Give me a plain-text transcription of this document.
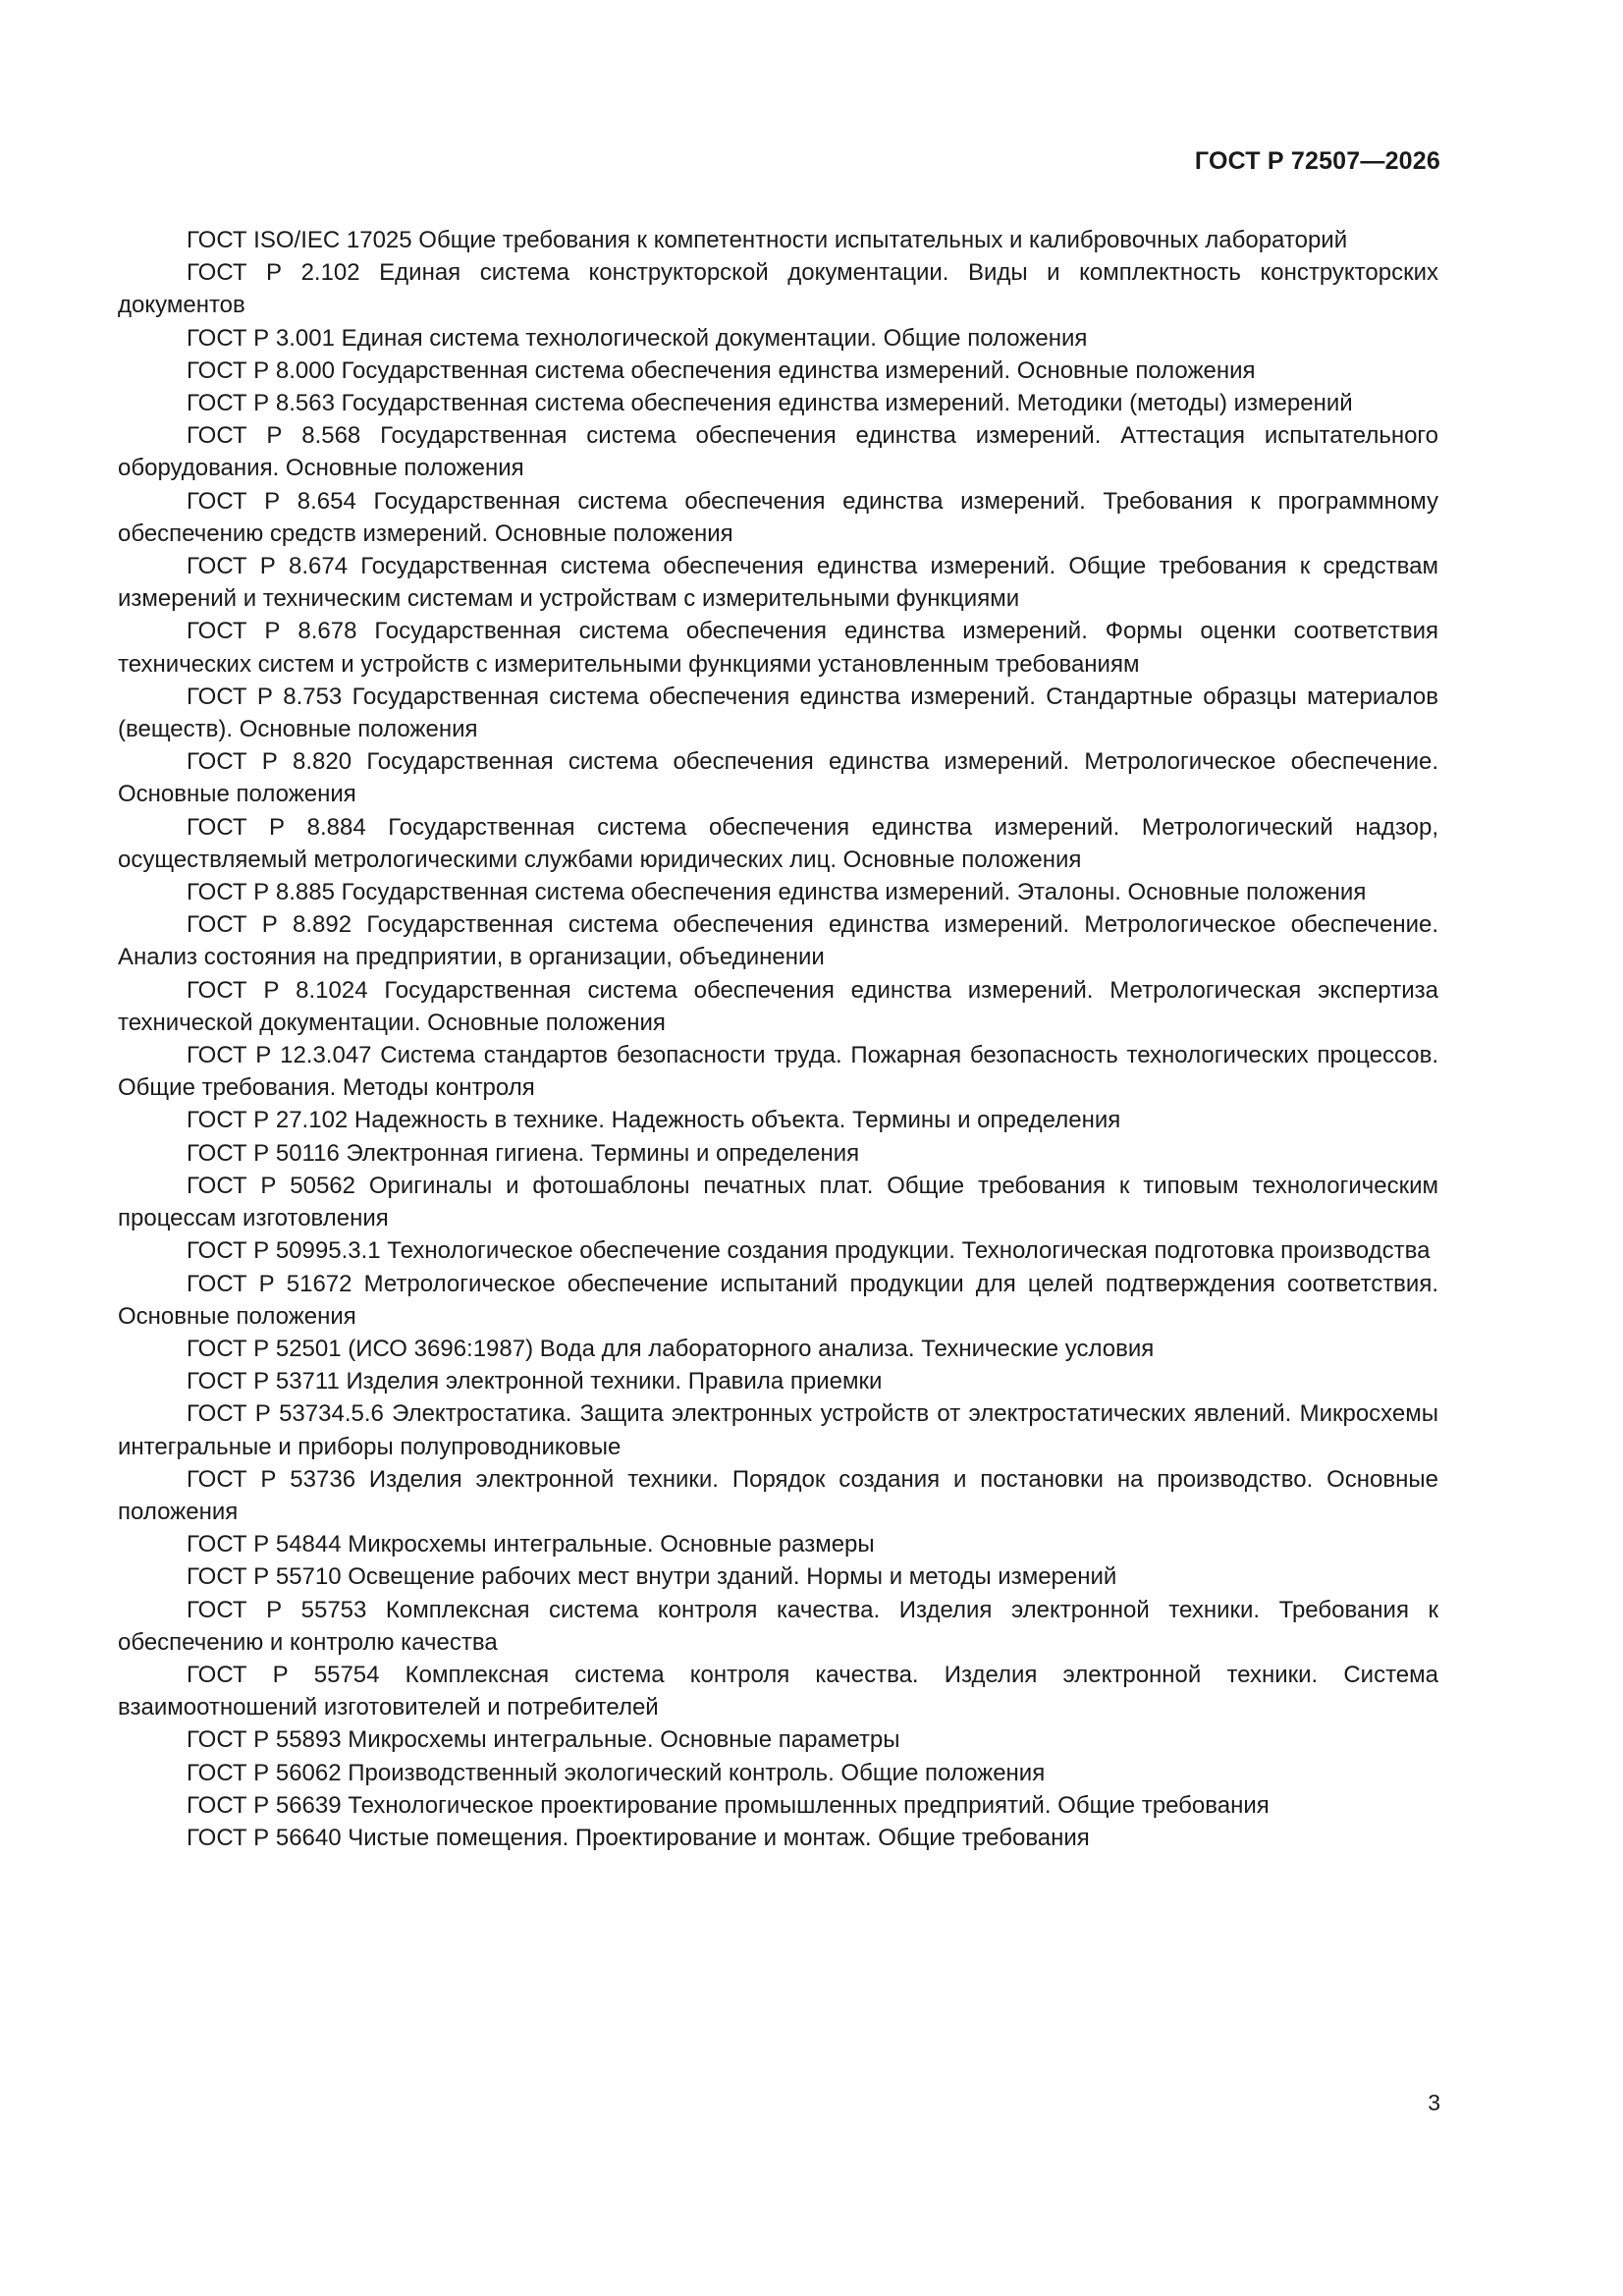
ГОСТ Р 72507—2026

ГОСТ ISO/IEC 17025 Общие требования к компетентности испытательных и калибровочных лабораторий

ГОСТ Р 2.102 Единая система конструкторской документации. Виды и комплектность конструкторских документов

ГОСТ Р 3.001 Единая система технологической документации. Общие положения

ГОСТ Р 8.000 Государственная система обеспечения единства измерений. Основные положения

ГОСТ Р 8.563 Государственная система обеспечения единства измерений. Методики (методы) измерений

ГОСТ Р 8.568 Государственная система обеспечения единства измерений. Аттестация испытательного оборудования. Основные положения

ГОСТ Р 8.654 Государственная система обеспечения единства измерений. Требования к программному обеспечению средств измерений. Основные положения

ГОСТ Р 8.674 Государственная система обеспечения единства измерений. Общие требования к средствам измерений и техническим системам и устройствам с измерительными функциями

ГОСТ Р 8.678 Государственная система обеспечения единства измерений. Формы оценки соответствия технических систем и устройств с измерительными функциями установленным требованиям

ГОСТ Р 8.753 Государственная система обеспечения единства измерений. Стандартные образцы материалов (веществ). Основные положения

ГОСТ Р 8.820 Государственная система обеспечения единства измерений. Метрологическое обеспечение. Основные положения

ГОСТ Р 8.884 Государственная система обеспечения единства измерений. Метрологический надзор, осуществляемый метрологическими службами юридических лиц. Основные положения

ГОСТ Р 8.885 Государственная система обеспечения единства измерений. Эталоны. Основные положения

ГОСТ Р 8.892 Государственная система обеспечения единства измерений. Метрологическое обеспечение. Анализ состояния на предприятии, в организации, объединении

ГОСТ Р 8.1024 Государственная система обеспечения единства измерений. Метрологическая экспертиза технической документации. Основные положения

ГОСТ Р 12.3.047 Система стандартов безопасности труда. Пожарная безопасность технологических процессов. Общие требования. Методы контроля

ГОСТ Р 27.102 Надежность в технике. Надежность объекта. Термины и определения

ГОСТ Р 50116 Электронная гигиена. Термины и определения

ГОСТ Р 50562 Оригиналы и фотошаблоны печатных плат. Общие требования к типовым технологическим процессам изготовления

ГОСТ Р 50995.3.1 Технологическое обеспечение создания продукции. Технологическая подготовка производства

ГОСТ Р 51672 Метрологическое обеспечение испытаний продукции для целей подтверждения соответствия. Основные положения

ГОСТ Р 52501 (ИСО 3696:1987) Вода для лабораторного анализа. Технические условия

ГОСТ Р 53711 Изделия электронной техники. Правила приемки

ГОСТ Р 53734.5.6 Электростатика. Защита электронных устройств от электростатических явлений. Микросхемы интегральные и приборы полупроводниковые

ГОСТ Р 53736 Изделия электронной техники. Порядок создания и постановки на производство. Основные положения

ГОСТ Р 54844 Микросхемы интегральные. Основные размеры

ГОСТ Р 55710 Освещение рабочих мест внутри зданий. Нормы и методы измерений

ГОСТ Р 55753 Комплексная система контроля качества. Изделия электронной техники. Требования к обеспечению и контролю качества

ГОСТ Р 55754 Комплексная система контроля качества. Изделия электронной техники. Система взаимоотношений изготовителей и потребителей

ГОСТ Р 55893 Микросхемы интегральные. Основные параметры

ГОСТ Р 56062 Производственный экологический контроль. Общие положения

ГОСТ Р 56639 Технологическое проектирование промышленных предприятий. Общие требования

ГОСТ Р 56640 Чистые помещения. Проектирование и монтаж. Общие требования

3
